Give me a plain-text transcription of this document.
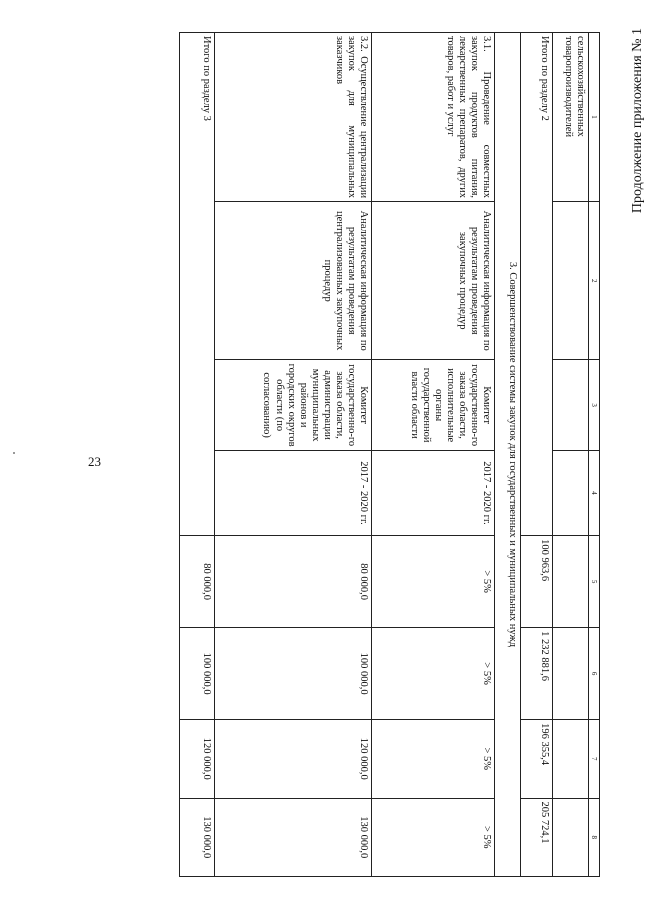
23
Продолжение приложения № 1
1	2	3	4	5	6	7	8
сельскохозяйственных товаропроизводителей							
Итого по разделу 2				100 963,6	1 232 881,6	196 355,4	205 724,1
3. Совершенствование системы закупок для государственных и муниципальных нужд							
3.1. Проведение совместных закупок продуктов питания, лекарственных препаратов, других товаров, работ и услуг	Аналитическая информация по результатам проведения закупочных процедур	Комитет государственно-го заказа области, исполнительные органы государственной власти области	2017 - 2020 гг.	> 5%	> 5%	> 5%	> 5%
3.2. Осуществление централизации закупок для муниципальных заказчиков	Аналитическая информация по результатам проведения централизованных закупочных процедур	Комитет государственно-го заказа области, администрации муниципальных районов и городских округов области (по согласованию)	2017 - 2020 гг.	80 000,0	100 000,0	120 000,0	130 000,0
Итого по разделу 3				80 000,0	100 000,0	120 000,0	130 000,0
